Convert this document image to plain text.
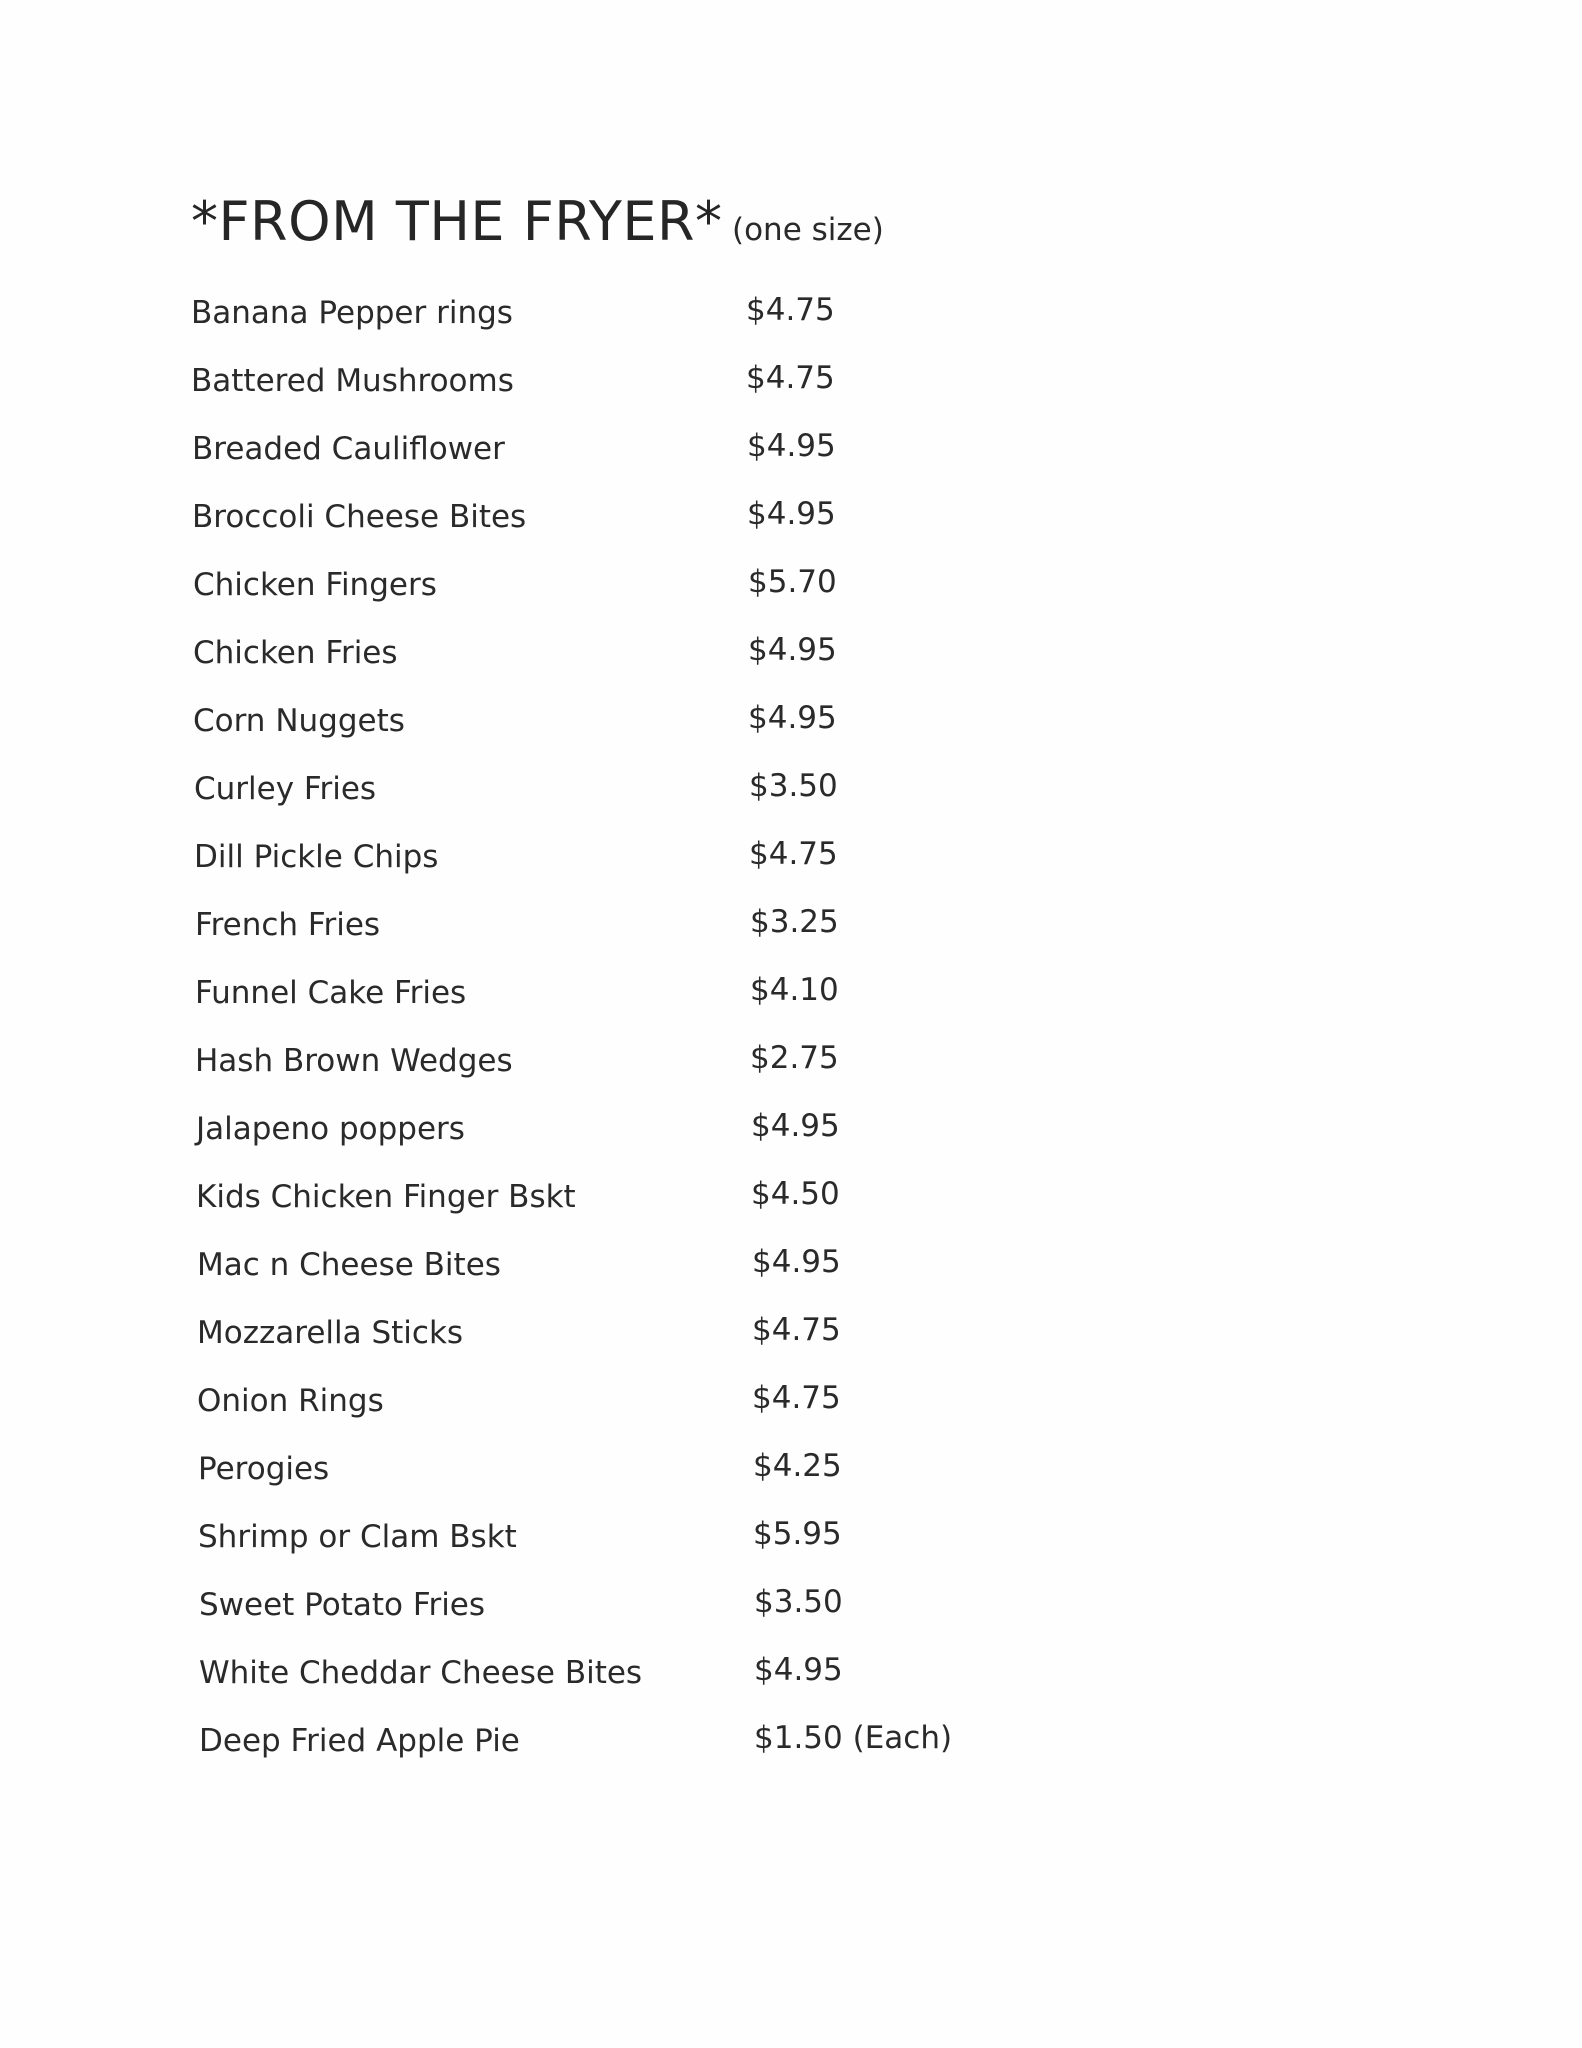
*FROM THE FRYER* (one size)
Banana Pepper rings	$4.75
Battered Mushrooms	$4.75
Breaded Cauliflower	$4.95
Broccoli Cheese Bites	$4.95
Chicken Fingers	$5.70
Chicken Fries	$4.95
Corn Nuggets	$4.95
Curley Fries	$3.50
Dill Pickle Chips	$4.75
French Fries	$3.25
Funnel Cake Fries	$4.10
Hash Brown Wedges	$2.75
Jalapeno poppers	$4.95
Kids Chicken Finger Bskt	$4.50
Mac n Cheese Bites	$4.95
Mozzarella Sticks	$4.75
Onion Rings	$4.75
Perogies	$4.25
Shrimp or Clam Bskt	$5.95
Sweet Potato Fries	$3.50
White Cheddar Cheese Bites	$4.95
Deep Fried Apple Pie	$1.50 (Each)
